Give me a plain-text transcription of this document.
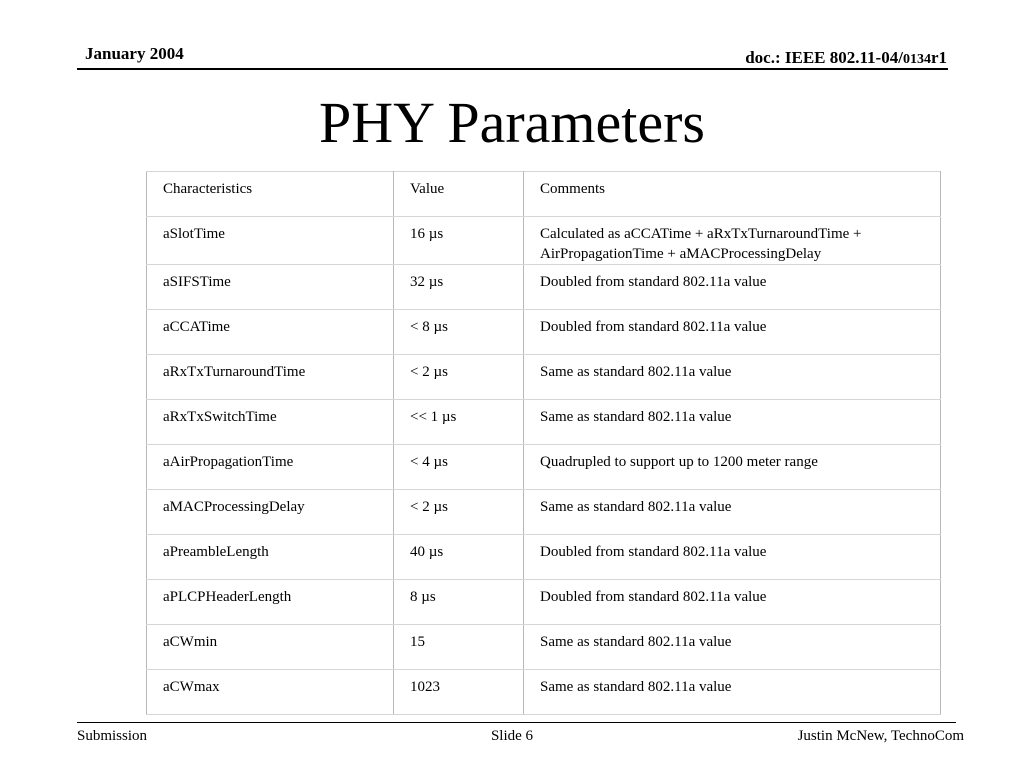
January 2004	doc.: IEEE 802.11-04/0134r1
PHY Parameters
Characteristics	Value	Comments
aSlotTime	16 µs	Calculated as aCCATime + aRxTxTurnaroundTime + AirPropagationTime + aMACProcessingDelay
aSIFSTime	32 µs	Doubled from standard 802.11a value
aCCATime	< 8 µs	Doubled from standard 802.11a value
aRxTxTurnaroundTime	< 2 µs	Same as standard 802.11a value
aRxTxSwitchTime	<< 1 µs	Same as standard 802.11a value
aAirPropagationTime	< 4 µs	Quadrupled to support up to 1200 meter range
aMACProcessingDelay	< 2 µs	Same as standard 802.11a value
aPreambleLength	40 µs	Doubled from standard 802.11a value
aPLCPHeaderLength	8 µs	Doubled from standard 802.11a value
aCWmin	15	Same as standard 802.11a value
aCWmax	1023	Same as standard 802.11a value
Submission	Slide 6	Justin McNew, TechnoCom
